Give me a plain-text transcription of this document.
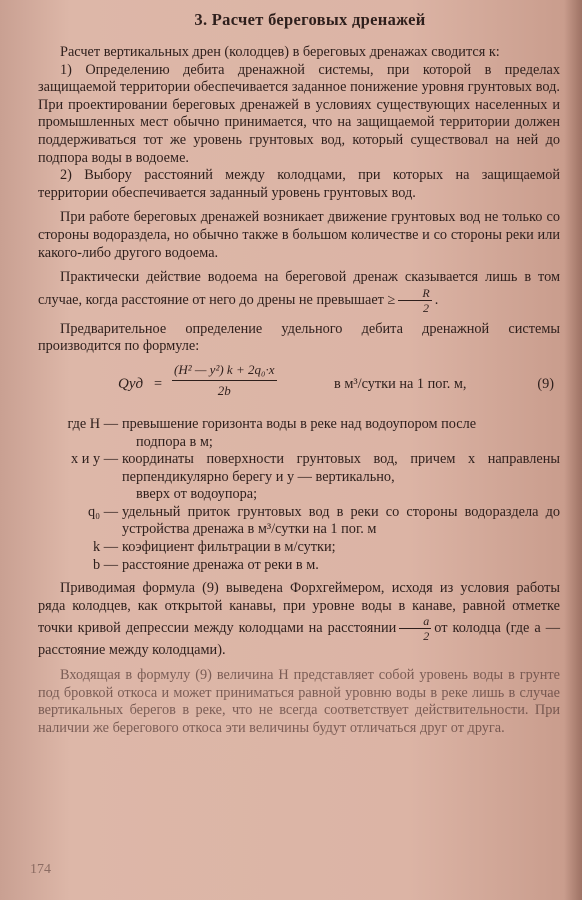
3. Расчет береговых дренажей

Расчет вертикальных дрен (колодцев) в береговых дренажах сводится к:

1) Определению дебита дренажной системы, при которой в пределах защищаемой территории обеспечивается заданное понижение уровня грунтовых вод. При проектировании береговых дренажей в условиях существующих населенных и промышленных мест обычно принимается, что на защищаемой территории должен поддерживаться тот же уровень грунтовых вод, который существовал на ней до подпора воды в водоеме.

2) Выбору расстояний между колодцами, при которых на защищаемой территории обеспечивается заданный уровень грунтовых вод.

При работе береговых дренажей возникает движение грунтовых вод не только со стороны водораздела, но обычно также в большом количестве и со стороны реки или какого-либо другого водоема.

Практически действие водоема на береговой дренаж сказывается лишь в том случае, когда расстояние от него до дрены не превышает ≥ $\frac{R}{2}$ .

Предварительное определение удельного дебита дренажной системы производится по формуле:

Qуд = $\frac{\text{(H² — y²) k + 2q₀·x}}{2b}$	в м³/сутки на 1 пог. м,	(9)
где H — превышение горизонта воды в реке над водоупором после
подпора в м;
x и y — координаты поверхности грунтовых вод, причем x направлены перпендикулярно берегу и y — вертикально,
вверх от водоупора;
q₀ — удельный приток грунтовых вод в реки со стороны водораздела до устройства дренажа в м³/сутки на 1 пог. м
k — коэфициент фильтрации в м/сутки;
b — расстояние дренажа от реки в м.

Приводимая формула (9) выведена Форхгеймером, исходя из условия работы ряда колодцев, как открытой канавы, при уровне воды в канаве, равной отметке точки кривой депрессии между колодцами на расстоянии $\frac{a}{2}$ от колодца (где a — расстояние между колодцами).

Входящая в формулу (9) величина H представляет собой уровень воды в грунте под бровкой откоса и может приниматься равной уровню воды в реке лишь в случае вертикальных берегов в реке, что не всегда соответствует действительности. При наличии же берегового откоса эти величины будут отличаться друг от друга.

174
